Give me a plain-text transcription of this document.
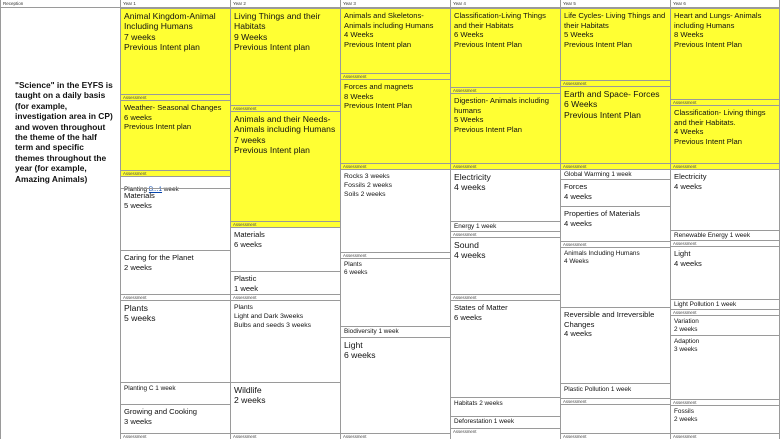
Reception
"Science" in the EYFS is taught on a daily basis (for example, investigation area in CP) and woven throughout the theme of the half term and specific themes throughout the year (for example, Amazing Animals)
Year 1
Animal Kingdom-Animal Including Humans
7 weeks
Previous Intent plan
Assessment
Weather- Seasonal Changes
6 weeks
Previous Intent plan
Assessment
Planting B...1 week
Materials
5 weeks
Caring for the Planet
2 weeks
Assessment
Plants
5 weeks
Planting C 1 week
Growing and Cooking
3 weeks
Assessment
Year 2
Living Things and their Habitats
9 Weeks
Previous Intent plan
Assessment
Animals and their Needs- Animals including Humans
7 weeks
Previous Intent plan
Assessment
Materials
6 weeks
Plastic
1 week
Assessment
Plants
Light and Dark 3weeks
Bulbs and seeds 3 weeks
Wildlife
2 weeks
Assessment
Year 3
Animals and Skeletons- Animals including Humans
4 Weeks
Previous Intent plan
Assessment
Forces and magnets
8 Weeks
Previous Intent Plan
Assessment
Rocks 3 weeks
Fossils 2 weeks
Soils 2 weeks
Assessment
Plants
6 weeks
Biodiversity 1 week
Light
6 weeks
Assessment
Year 4
Classification-Living Things and their Habitats
6 Weeks
Previous Intent Plan
Assessment
Digestion- Animals including humans
5 Weeks
Previous Intent Plan
Assessment
Electricity
4 weeks
Energy 1 week
Assessment
Sound
4 weeks
Assessment
States of Matter
6 weeks
Habitats 2 weeks
Deforestation 1 week
Assessment
Year 5
Life Cycles- Living Things and their Habitats
5 Weeks
Previous Intent Plan
Assessment
Earth and Space- Forces
6 Weeks
Previous Intent Plan
Assessment
Global Warming 1 week
Forces
4 weeks
Properties of Materials
4 weeks
Assessment
Animals Including Humans
4 Weeks
Reversible and Irreversible Changes
4 weeks
Plastic Pollution 1 week
Assessment
Assessment
Year 6
Heart and Lungs- Animals including Humans
8 Weeks
Previous Intent Plan
Assessment
Classification- Living things and their Habitats.
4 Weeks
Previous Intent Plan
Assessment
Electricity
4 weeks
Renewable Energy 1 week
Assessment
Light
4 weeks
Light Pollution 1 week
Assessment
Variation
2 weeks
Adaption
3 weeks
Assessment
Fossils
2 weeks
Assessment
